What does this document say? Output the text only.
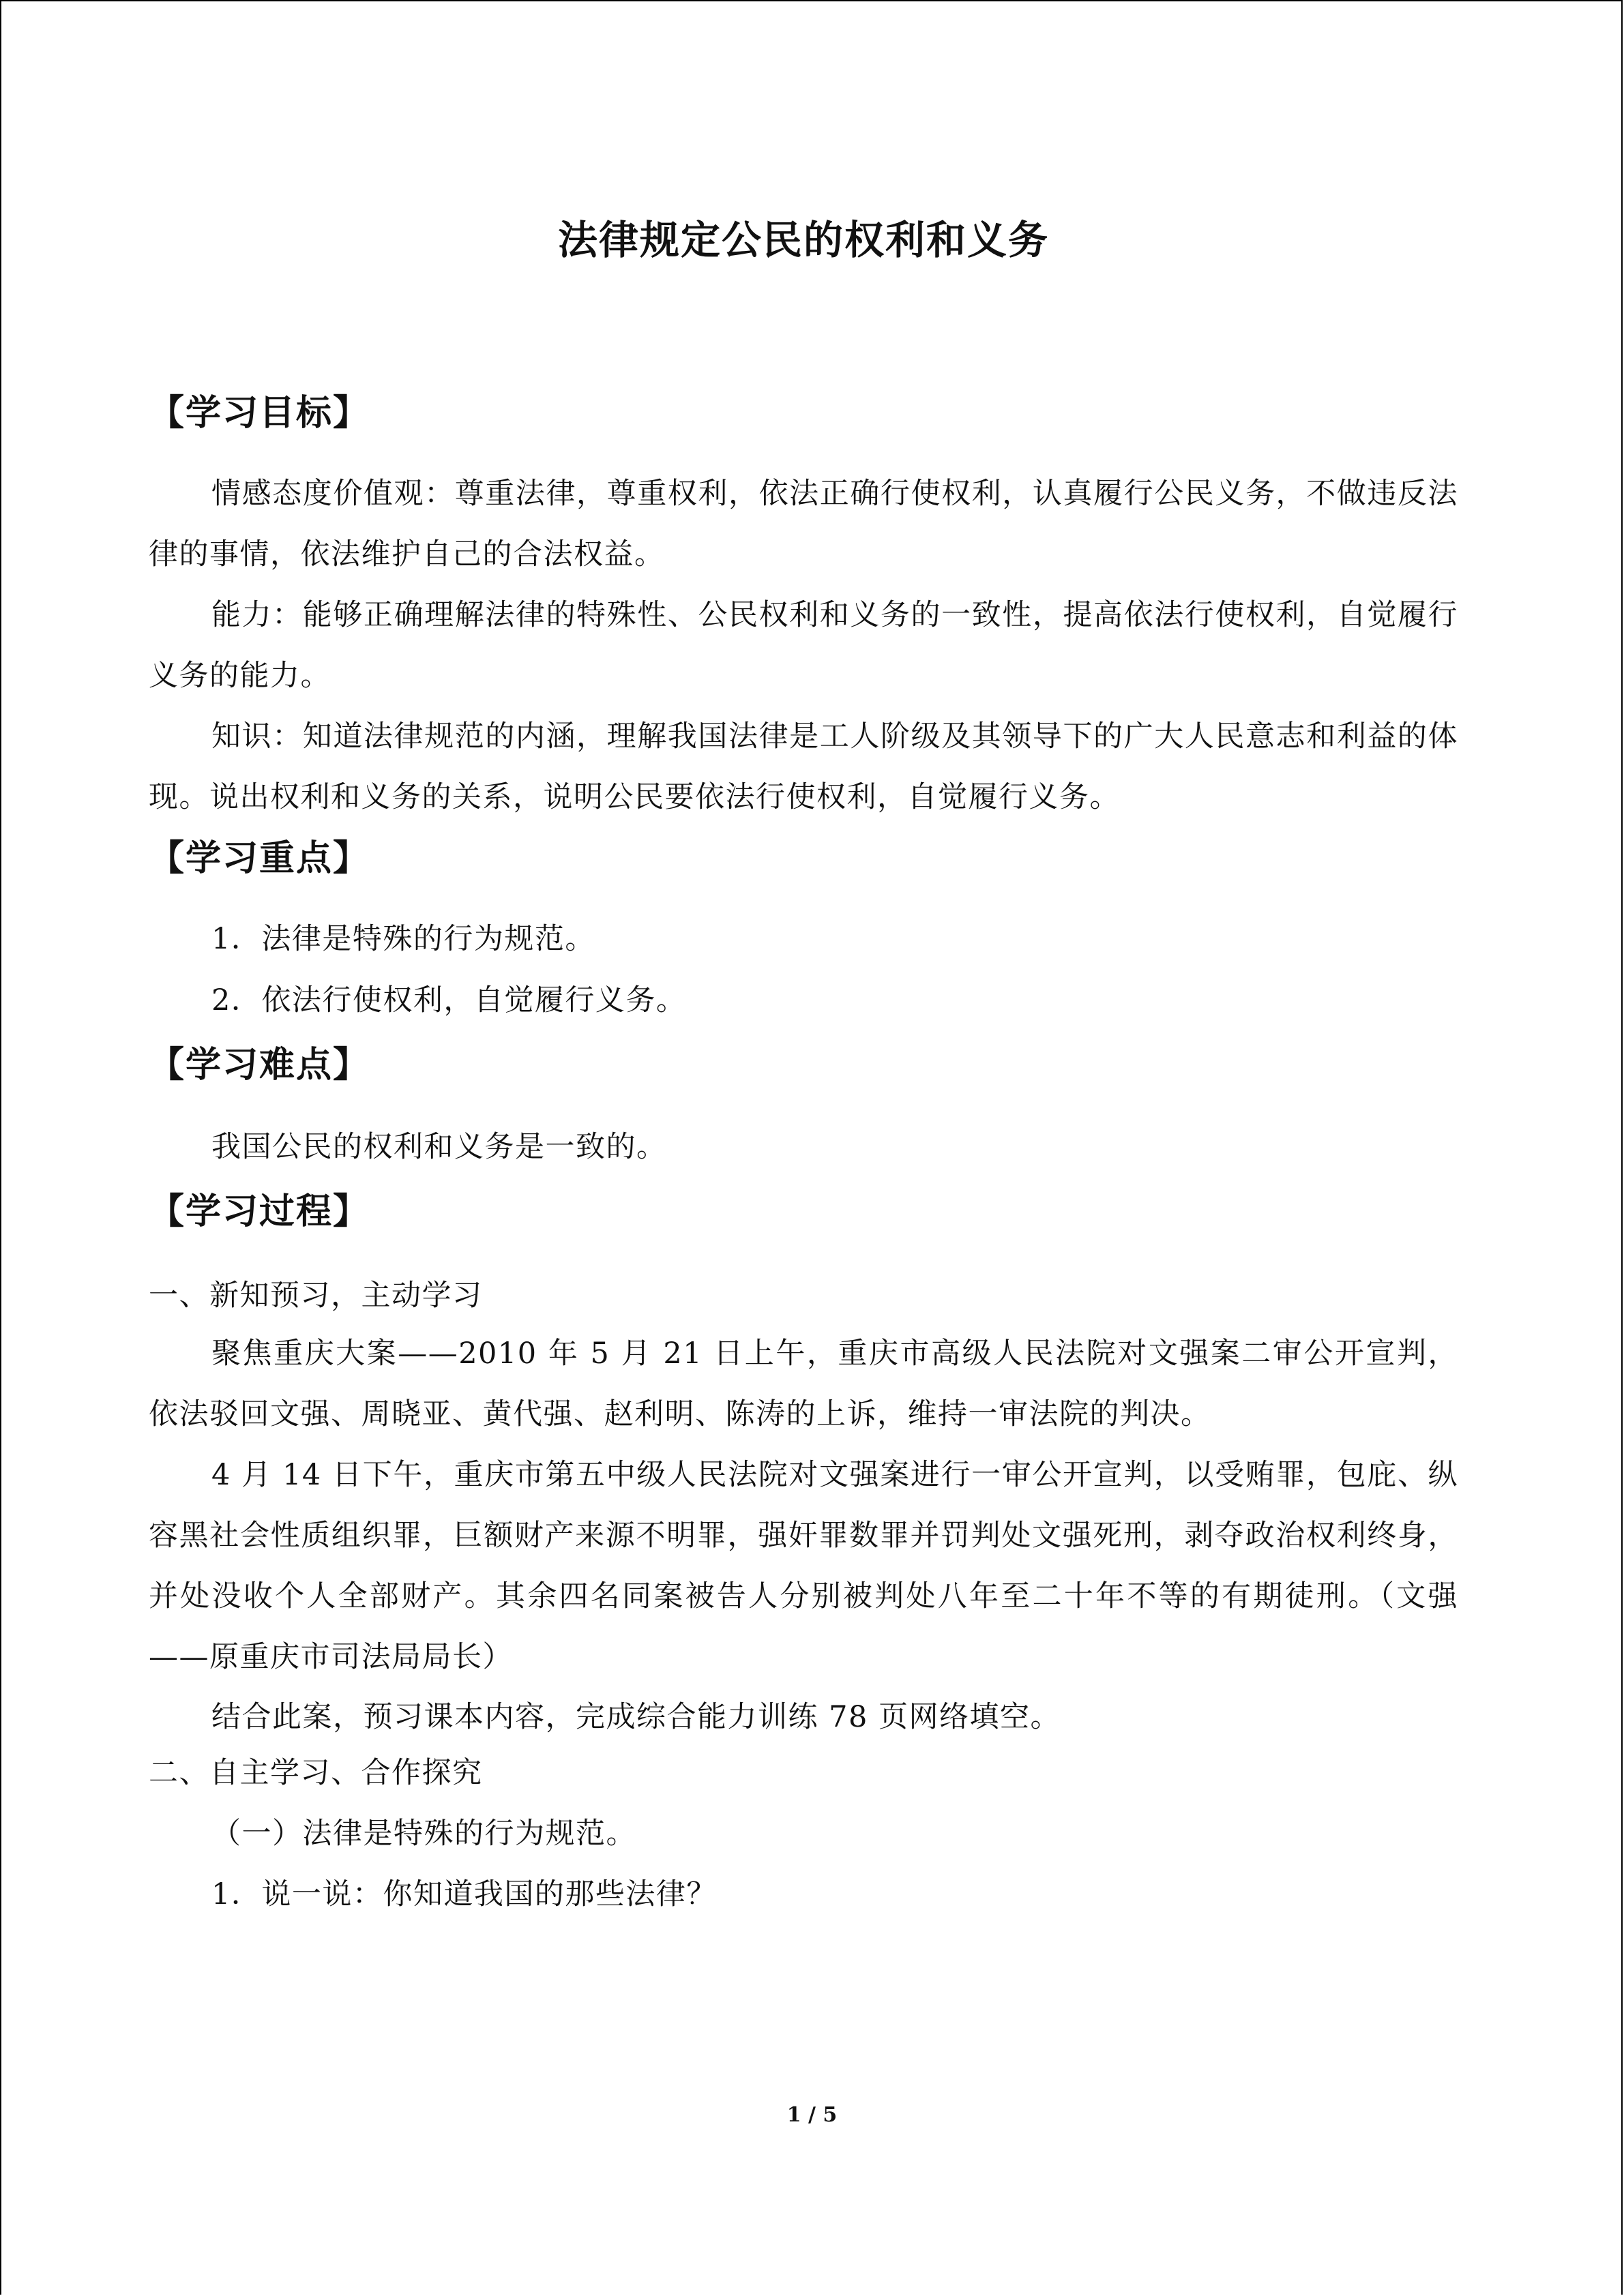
法律规定公民的权利和义务
【学习目标】

情感态度价值观：尊重法律，尊重权利，依法正确行使权利，认真履行公民义务，不做违反法律的事情，依法维护自己的合法权益。

能力：能够正确理解法律的特殊性、公民权利和义务的一致性，提高依法行使权利，自觉履行义务的能力。

知识：知道法律规范的内涵，理解我国法律是工人阶级及其领导下的广大人民意志和利益的体现。说出权利和义务的关系，说明公民要依法行使权利，自觉履行义务。

【学习重点】
1．法律是特殊的行为规范。
2．依法行使权利，自觉履行义务。
【学习难点】
我国公民的权利和义务是一致的。
【学习过程】
一、新知预习，主动学习

聚焦重庆大案——2010 年 5 月 21 日上午，重庆市高级人民法院对文强案二审公开宣判，依法驳回文强、周晓亚、黄代强、赵利明、陈涛的上诉，维持一审法院的判决。

4 月 14 日下午，重庆市第五中级人民法院对文强案进行一审公开宣判，以受贿罪，包庇、纵容黑社会性质组织罪，巨额财产来源不明罪，强奸罪数罪并罚判处文强死刑，剥夺政治权利终身，并处没收个人全部财产。其余四名同案被告人分别被判处八年至二十年不等的有期徒刑。（文强——原重庆市司法局局长）

结合此案，预习课本内容，完成综合能力训练 78 页网络填空。
二、自主学习、合作探究
（一）法律是特殊的行为规范。
1．说一说：你知道我国的那些法律？
1 / 5
